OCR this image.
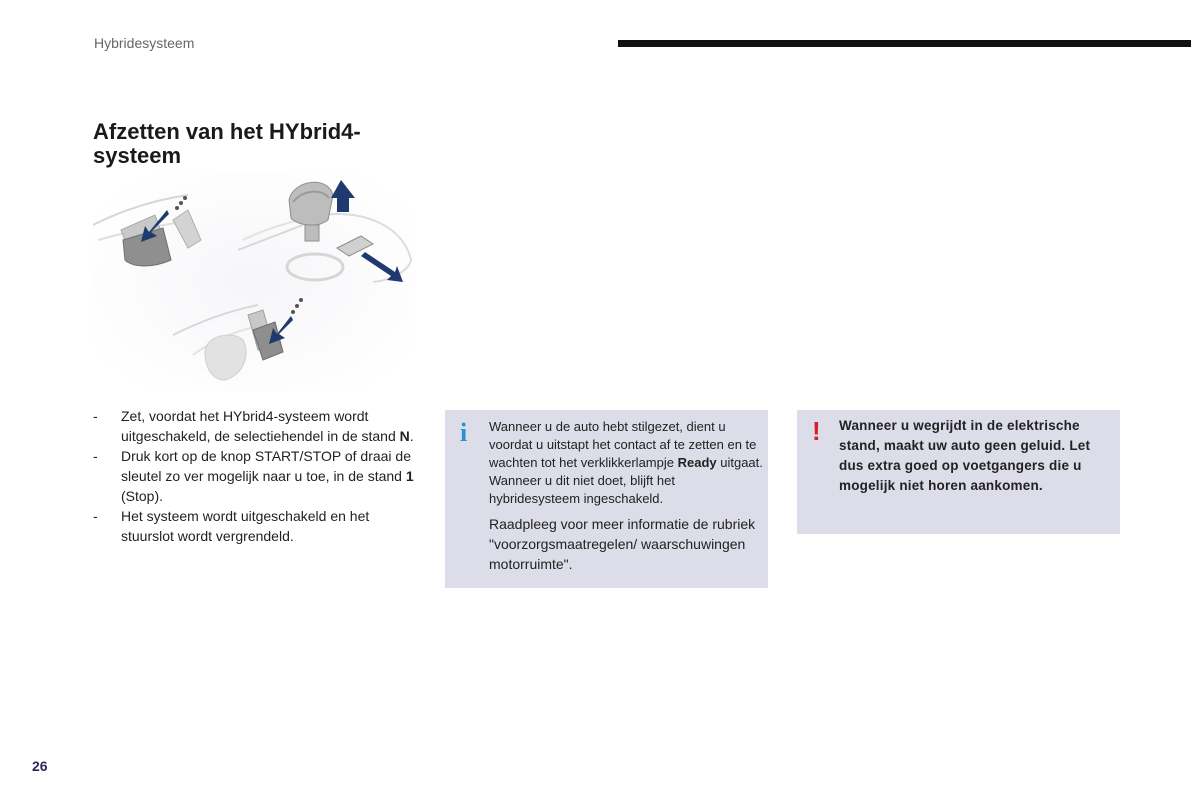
Hybridesysteem
Afzetten van het HYbrid4-systeem
- Zet, voordat het HYbrid4-systeem wordt uitgeschakeld, de selectiehendel in de stand N.
- Druk kort op de knop START/STOP of draai de sleutel zo ver mogelijk naar u toe, in de stand 1 (Stop).
- Het systeem wordt uitgeschakeld en het stuurslot wordt vergrendeld.
i Wanneer u de auto hebt stilgezet, dient u voordat u uitstapt het contact af te zetten en te wachten tot het verklikkerlampje Ready uitgaat. Wanneer u dit niet doet, blijft het hybridesysteem ingeschakeld.

Raadpleeg voor meer informatie de rubriek "voorzorgsmaatregelen/ waarschuwingen motorruimte".

! Wanneer u wegrijdt in de elektrische stand, maakt uw auto geen geluid. Let dus extra goed op voetgangers die u mogelijk niet horen aankomen.
26
